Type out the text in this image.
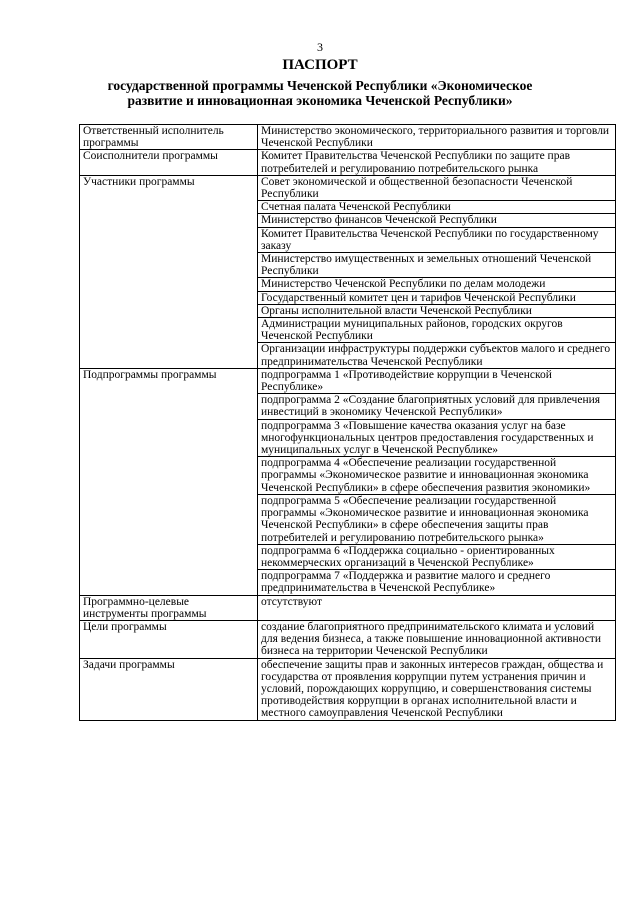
3
ПАСПОРТ
государственной программы Чеченской Республики «Экономическое
развитие и инновационная экономика Чеченской Республики»
Ответственный исполнитель программы	Министерство экономического, территориального развития и торговли Чеченской Республики
Соисполнители программы	Комитет Правительства Чеченской Республики по защите прав потребителей и регулированию потребительского рынка
Участники программы	Совет экономической и общественной безопасности Чеченской Республики
	Счетная палата Чеченской Республики
	Министерство финансов Чеченской Республики
	Комитет Правительства Чеченской Республики по государственному заказу
	Министерство имущественных и земельных отношений Чеченской Республики
	Министерство Чеченской Республики по делам молодежи
	Государственный комитет цен и тарифов Чеченской Республики
	Органы исполнительной власти Чеченской Республики
	Администрации муниципальных районов, городских округов Чеченской Республики
	Организации инфраструктуры поддержки субъектов малого и среднего предпринимательства Чеченской Республики
Подпрограммы программы	подпрограмма 1 «Противодействие коррупции в Чеченской Республике»
	подпрограмма 2 «Создание благоприятных условий для привлечения инвестиций в экономику Чеченской Республики»
	подпрограмма 3 «Повышение качества оказания услуг на базе многофункциональных центров предоставления государственных и муниципальных услуг в Чеченской Республике»
	подпрограмма 4 «Обеспечение реализации государственной программы «Экономическое развитие и инновационная экономика Чеченской Республики» в сфере обеспечения развития экономики»
	подпрограмма 5 «Обеспечение реализации государственной программы «Экономическое развитие и инновационная экономика Чеченской Республики» в сфере обеспечения защиты прав потребителей и регулированию потребительского рынка»
	подпрограмма 6 «Поддержка социально - ориентированных некоммерческих организаций в Чеченской Республике»
	подпрограмма 7 «Поддержка и развитие малого и среднего предпринимательства в Чеченской Республике»
Программно-целевые инструменты программы	отсутствуют
Цели программы	создание благоприятного предпринимательского климата и условий для ведения бизнеса, а также повышение инновационной активности бизнеса на территории Чеченской Республики
Задачи программы	обеспечение защиты прав и законных интересов граждан, общества и государства от проявления коррупции путем устранения причин и условий, порождающих коррупцию, и совершенствования системы противодействия коррупции в органах исполнительной власти и местного самоуправления Чеченской Республики
